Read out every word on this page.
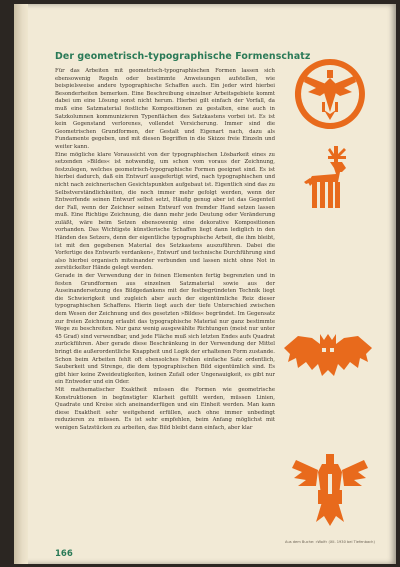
Der geometrisch-typographische Formenschatz

Für das Arbeiten mit geometrisch-typographischen Formen lassen sich ebensowenig Regeln oder bestimmte Anweisungen aufstellen, wie beispielsweise andere typographische Schaffen auch. Ein jeder wird hierbei Besonderheiten bemerken. Eine Beschreibung einzelner Arbeitsgebiete kommt dabei um eine Lösung sonst nicht herum. Hierbei gilt einfach der Vorfall, da muß eine Satzmaterial festliche Kompositionen zu gestalten, eine auch in Satzkolumnen kommunizieren Typenflächen des Satzkastens vorbei ist. Es ist kein Gegenstand verlorenes, vollendet Versicherung. Immer sind die Geometrischen Grundformen, der Gestalt und Eigenart nach, dazu als Fundamente gegeben, und mit diesen Begriffen in die Skizze freie Einzeln und weiter kann.

Eine mögliche klare Voraussicht von der typographischen Lösbarkeit eines zu setzenden »Bildes« ist notwendig, um schon vom voraus der Zeichnung, festzulegen, welches geometrisch-typographische Formen geeignet sind. Es ist hierbei dadurch, daß ein Entwurf ausgefertigt wird, nach typographischen und nicht nach zeichnerischen Gesichtspunkten aufgebaut ist. Eigentlich sind das zu Selbstverständlichkeiten, die noch immer mehr gefolgt werden, wenn der Entwerfende seinen Entwurf selbst setzt, Häufig genug aber ist das Gegenteil der Fall, wenn der Zeichner seinen Entwurf von fremder Hand setzen lassen muß. Eine Richtige Zeichnung, die dann mehr jede Deutung oder Veränderung zuläßt, wäre beim Setzen ebensowenig eine dekorative Kompositionen vorhanden. Das Wichtigste künstlerische Schaffen liegt dann lediglich in den Händen des Setzers, denn der eigentliche typographische Arbeit, die ihm bleibt, ist mit den gegebenen Material des Setzkastens auszuführen. Dabei die Vorfertige des Entwurfs verdanken«, Entwurf und technische Durchführung sind also hierbei organisch miteinander verbunden und lassen nicht ohne Not in zerstückelter Hände gelegt werden.

Gerade in der Verwendung der in feinen Elementen fertig begrenzten und in festen Grundformen aus einzelnen Satzmaterial sowie aus der Auseinandersetzung des Bildgedankens mit der festbegründeten Technik liegt die Schwierigkeit und zugleich aber auch der eigentümliche Reiz dieser typographischen Schaffens. Hierin liegt auch der tiefe Unterschied zwischen dem Wesen der Zeichnung und des gesetzten »Bildes« begründet. Im Gegensatz zur freien Zeichnung erlaubt das typographische Material nur ganz bestimmte Wege zu beschreiten. Nur ganz wenig ausgewählte Richtungen (meist nur unter 45 Grad) sind verwendbar, und jede Fläche muß sich letzten Endes aufs Quadrat zurückführen. Aber gerade diese Beschränkung in der Verwendung der Mittel bringt die außerordentliche Knappheit und Logik der erhaltenen Form zustande. Schon beim Arbeiten fehlt oft ebensolches Fehlen einfache Satz ordentlich, Sauberkeit und Strenge, die dem typographischen Bild eigentümlich sind. Es gibt hier keine Zweideutigkeiten, keinen Zufall oder Ungenauigkeit, es gibt nur ein Entweder und ein Oder.

Mit mathematischer Exaktheit müssen die Formen wie geometrische Konstruktionen in begünstigter Klarheit gefüllt werden, müssen Linien, Quadrate und Kreise sich aneinanderfügen und ein Einheit werden. Man kann diese Exaktheit sehr weitgehend erfüllen, auch ohne immer unbedingt reduzieren zu müssen. Es ist sehr empfehlen, beim Anfang möglichst mit wenigen Satzstücken zu arbeiten, das Bild bleibt dann einfach, aber klar

166
Aus dem Buche: »Wolf« (XII. 1930 bei Tiefenbach)
